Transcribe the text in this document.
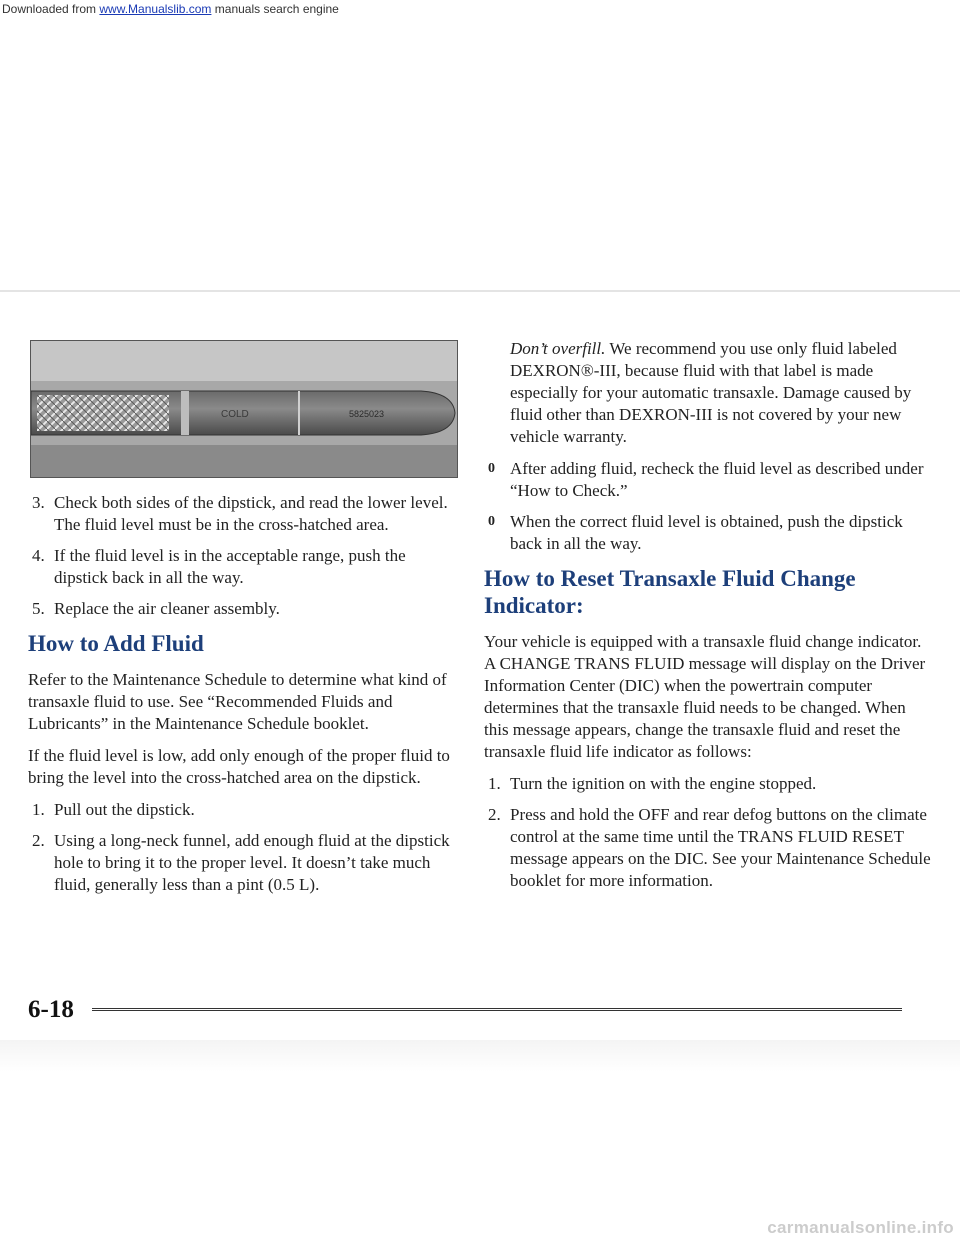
Downloaded from www.Manualslib.com manuals search engine
COLD	5825023
3. Check both sides of the dipstick, and read the lower level. The fluid level must be in the cross-hatched area.
4. If the fluid level is in the acceptable range, push the dipstick back in all the way.
5. Replace the air cleaner assembly.
How to Add Fluid

Refer to the Maintenance Schedule to determine what kind of transaxle fluid to use. See “Recommended Fluids and Lubricants” in the Maintenance Schedule booklet.

If the fluid level is low, add only enough of the proper fluid to bring the level into the cross-hatched area on the dipstick.

1. Pull out the dipstick.
2. Using a long-neck funnel, add enough fluid at the dipstick hole to bring it to the proper level. It doesn’t take much fluid, generally less than a pint (0.5 L).

Don’t overfill. We recommend you use only fluid labeled DEXRON®-III, because fluid with that label is made especially for your automatic transaxle. Damage caused by fluid other than DEXRON-III is not covered by your new vehicle warranty.

0 After adding fluid, recheck the fluid level as described under “How to Check.”
0 When the correct fluid level is obtained, push the dipstick back in all the way.
How to Reset Transaxle Fluid Change Indicator:

Your vehicle is equipped with a transaxle fluid change indicator. A CHANGE TRANS FLUID message will display on the Driver Information Center (DIC) when the powertrain computer determines that the transaxle fluid needs to be changed. When this message appears, change the transaxle fluid and reset the transaxle fluid life indicator as follows:

1. Turn the ignition on with the engine stopped.
2. Press and hold the OFF and rear defog buttons on the climate control at the same time until the TRANS FLUID RESET message appears on the DIC. See your Maintenance Schedule booklet for more information.
6-18
carmanualsonline.info
